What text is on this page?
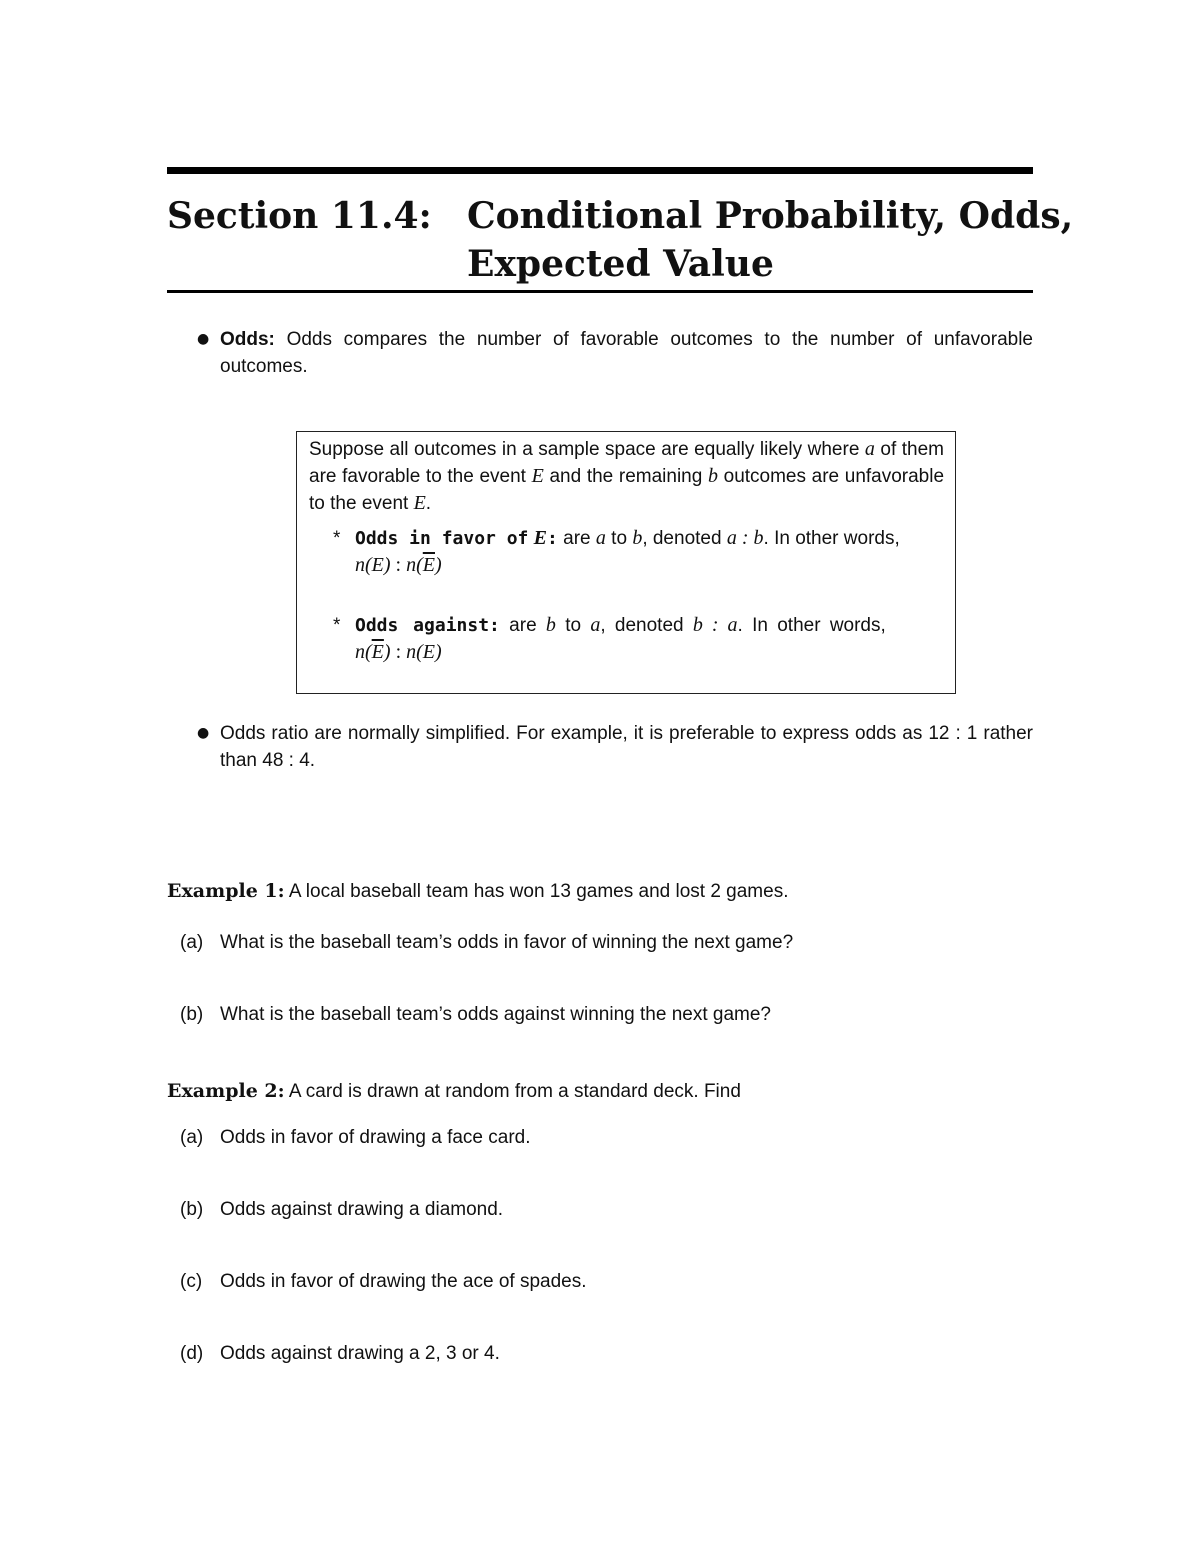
Section 11.4: Conditional Probability, Odds, Expected Value
● Odds: Odds compares the number of favorable outcomes to the number of unfavorable outcomes.
Suppose all outcomes in a sample space are equally likely where a of them are favorable to the event E and the remaining b outcomes are unfavorable to the event E.
* Odds in favor of E: are a to b, denoted a : b. In other words,
n(E) : $n(\overline{E})$
* Odds against: are b to a, denoted b : a. In other words,
$n(\overline{E})$ : n(E)
● Odds ratio are normally simplified. For example, it is preferable to express odds as 12 : 1 rather than 48 : 4.
Example 1: A local baseball team has won 13 games and lost 2 games.
(a) What is the baseball team’s odds in favor of winning the next game?
(b) What is the baseball team’s odds against winning the next game?
Example 2: A card is drawn at random from a standard deck. Find
(a) Odds in favor of drawing a face card.
(b) Odds against drawing a diamond.
(c) Odds in favor of drawing the ace of spades.
(d) Odds against drawing a 2, 3 or 4.
